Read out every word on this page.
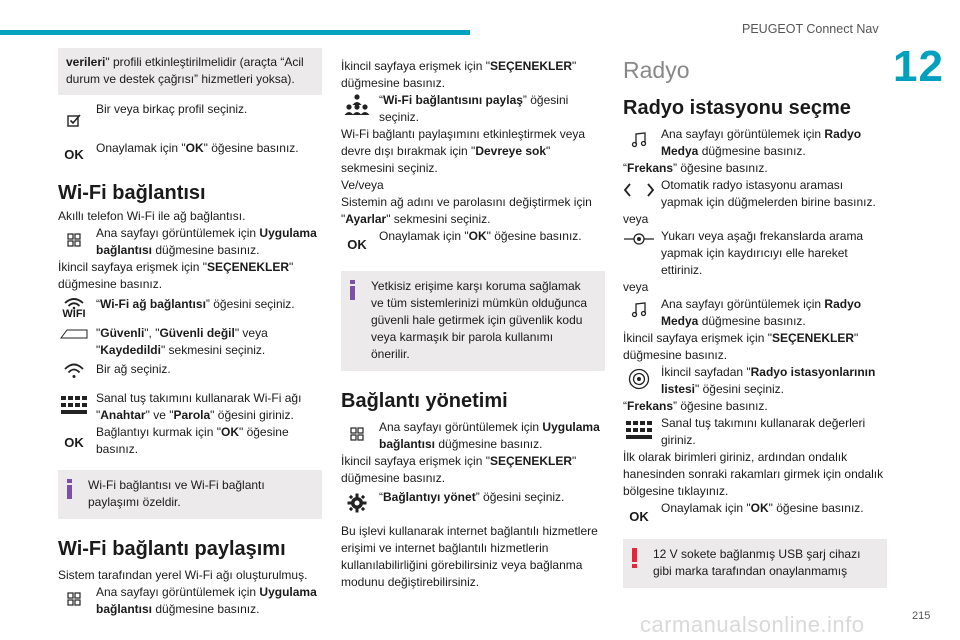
PEUGEOT Connect Nav
12
verileri" profili etkinleştirilmelidir (araçta “Acil durum ve destek çağrısı” hizmetleri yoksa).
Bir veya birkaç profil seçiniz.
OK	Onaylamak için "OK" öğesine basınız.
Wi-Fi bağlantısı

Akıllı telefon Wi-Fi ile ağ bağlantısı.

Ana sayfayı görüntülemek için Uygulama bağlantısı düğmesine basınız.

İkincil sayfaya erişmek için "SEÇENEKLER" düğmesine basınız.

WIFI
“Wi-Fi ağ bağlantısı” öğesini seçiniz.
"Güvenli", "Güvenli değil" veya "Kaydedildi" sekmesini seçiniz.
Bir ağ seçiniz.
Sanal tuş takımını kullanarak Wi-Fi ağı "Anahtar" ve "Parola" öğesini giriniz.
OK
Bağlantıyı kurmak için "OK" öğesine basınız.
Wi-Fi bağlantısı ve Wi-Fi bağlantı paylaşımı özeldir.
Wi-Fi bağlantı paylaşımı

Sistem tarafından yerel Wi-Fi ağı oluşturulmuş.

Ana sayfayı görüntülemek için Uygulama bağlantısı düğmesine basınız.

İkincil sayfaya erişmek için "SEÇENEKLER" düğmesine basınız.

“Wi-Fi bağlantısını paylaş” öğesini seçiniz.

Wi-Fi bağlantı paylaşımını etkinleştirmek veya devre dışı bırakmak için "Devreye sok" sekmesini seçiniz.

Ve/veya

Sistemin ağ adını ve parolasını değiştirmek için "Ayarlar" sekmesini seçiniz.

OK
Onaylamak için "OK" öğesine basınız.
Yetkisiz erişime karşı koruma sağlamak ve tüm sistemlerinizi mümkün olduğunca güvenli hale getirmek için güvenlik kodu veya karmaşık bir parola kullanımı önerilir.
Bağlantı yönetimi
Ana sayfayı görüntülemek için Uygulama bağlantısı düğmesine basınız.

İkincil sayfaya erişmek için "SEÇENEKLER" düğmesine basınız.

“Bağlantıyı yönet” öğesini seçiniz.

Bu işlevi kullanarak internet bağlantılı hizmetlere erişimi ve internet bağlantılı hizmetlerin kullanılabilirliğini görebilirsiniz veya bağlanma modunu değiştirebilirsiniz.

Radyo
Radyo istasyonu seçme
Ana sayfayı görüntülemek için Radyo Medya düğmesine basınız.

“Frekans” öğesine basınız.

Otomatik radyo istasyonu araması yapmak için düğmelerden birine basınız.

veya

Yukarı veya aşağı frekanslarda arama yapmak için kaydırıcıyı elle hareket ettiriniz.

veya

Ana sayfayı görüntülemek için Radyo Medya düğmesine basınız.

İkincil sayfaya erişmek için "SEÇENEKLER" düğmesine basınız.

İkincil sayfadan "Radyo istasyonlarının listesi" öğesini seçiniz.

“Frekans” öğesine basınız.

Sanal tuş takımını kullanarak değerleri giriniz.

İlk olarak birimleri giriniz, ardından ondalık hanesinden sonraki rakamları girmek için ondalık bölgesine tıklayınız.

OK
Onaylamak için "OK" öğesine basınız.
12 V sokete bağlanmış USB şarj cihazı gibi marka tarafından onaylanmamış
carmanualsonline.info	215
